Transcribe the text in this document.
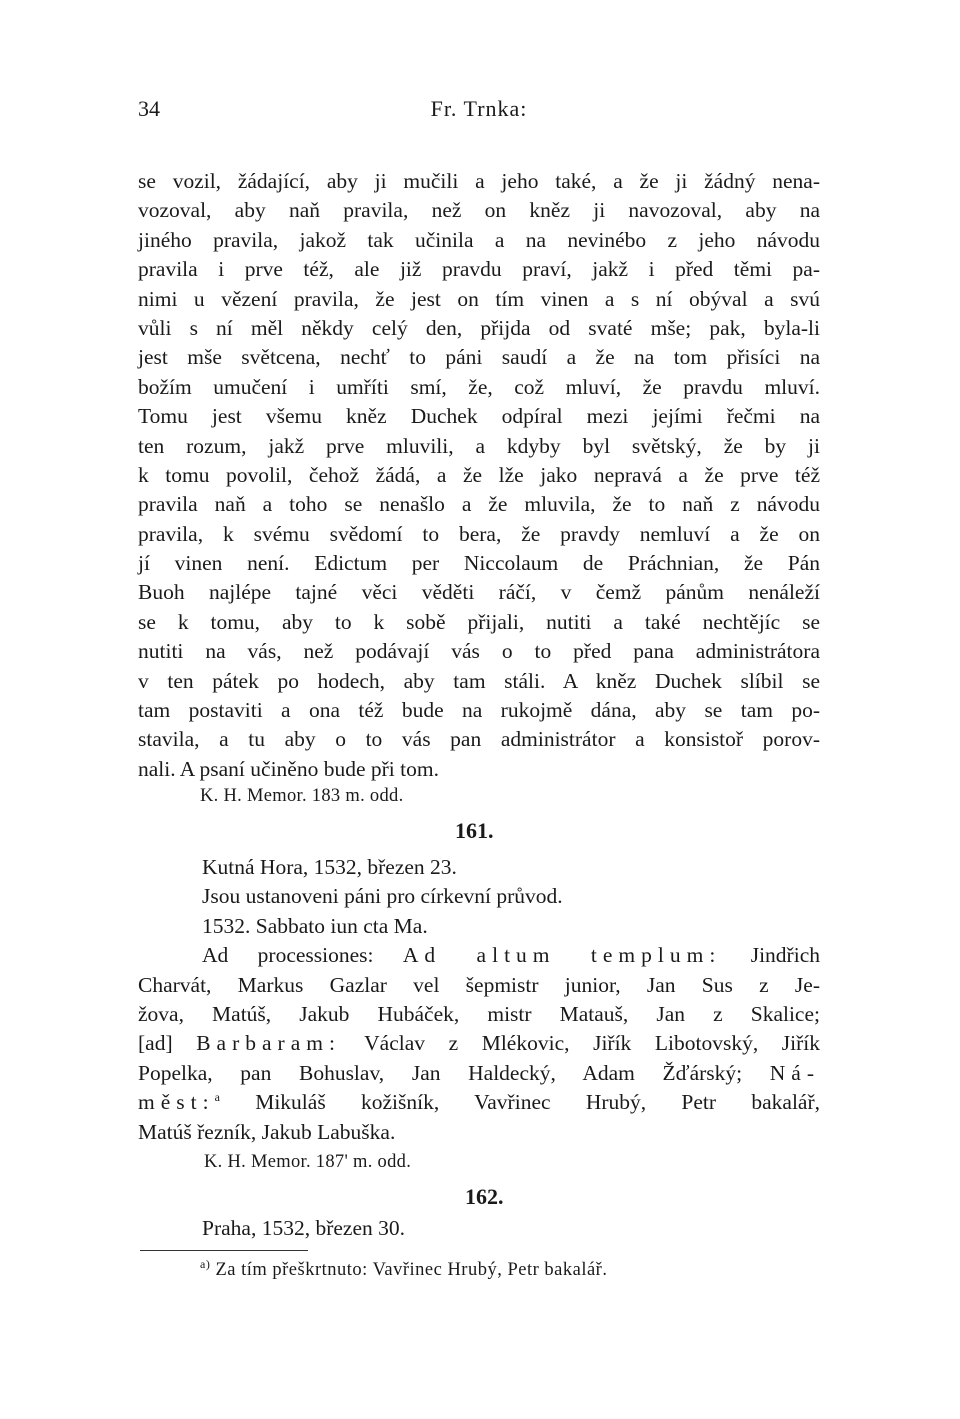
34	Fr. Trnka:
se vozil, žádající, aby ji mučili a jeho také, a že ji žádný nena-
vozoval, aby naň pravila, než on kněz ji navozoval, aby na
jiného pravila, jakož tak učinila a na nevinébo z jeho návodu
pravila i prve též, ale již pravdu praví, jakž i před těmi pa-
nimi u vězení pravila, že jest on tím vinen a s ní obýval a svú
vůli s ní měl někdy celý den, přijda od svaté mše; pak, byla-li
jest mše světcena, nechť to páni saudí a že na tom přisíci na
božím umučení i umříti smí, že, což mluví, že pravdu mluví.
Tomu jest všemu kněz Duchek odpíral mezi jejími řečmi na
ten rozum, jakž prve mluvili, a kdyby byl světský, že by ji
k tomu povolil, čehož žádá, a že lže jako nepravá a že prve též
pravila naň a toho se nenašlo a že mluvila, že to naň z návodu
pravila, k svému svědomí to bera, že pravdy nemluví a že on
jí vinen není. Edictum per Niccolaum de Práchnian, že Pán
Buoh najlépe tajné věci věděti ráčí, v čemž pánům nenáleží
se k tomu, aby to k sobě přijali, nutiti a také nechtějíc se
nutiti na vás, než podávají vás o to před pana administrátora
v ten pátek po hodech, aby tam stáli. A kněz Duchek slíbil se
tam postaviti a ona též bude na rukojmě dána, aby se tam po-
stavila, a tu aby o to vás pan administrátor a konsistoř porov-
nali. A psaní učiněno bude při tom.
K. H. Memor. 183 m. odd.
161.
Kutná Hora, 1532, březen 23.
Jsou ustanoveni páni pro církevní průvod.
1532. Sabbato iun cta Ma.
Ad processiones: Ad altum templum: Jindřich
Charvát, Markus Gazlar vel šepmistr junior, Jan Sus z Je-
žova, Matúš, Jakub Hubáček, mistr Matauš, Jan z Skalice;
[ad] Barbaram: Václav z Mlékovic, Jiřík Libotovský, Jiřík
Popelka, pan Bohuslav, Jan Haldecký, Adam Žďárský; Ná-
měst:$^a$ Mikuláš kožišník, Vavřinec Hrubý, Petr bakalář,
Matúš řezník, Jakub Labuška.
K. H. Memor. 187' m. odd.
162.
Praha, 1532, březen 30.
$^{a)}$ Za tím přeškrtnuto: Vavřinec Hrubý, Petr bakalář.
